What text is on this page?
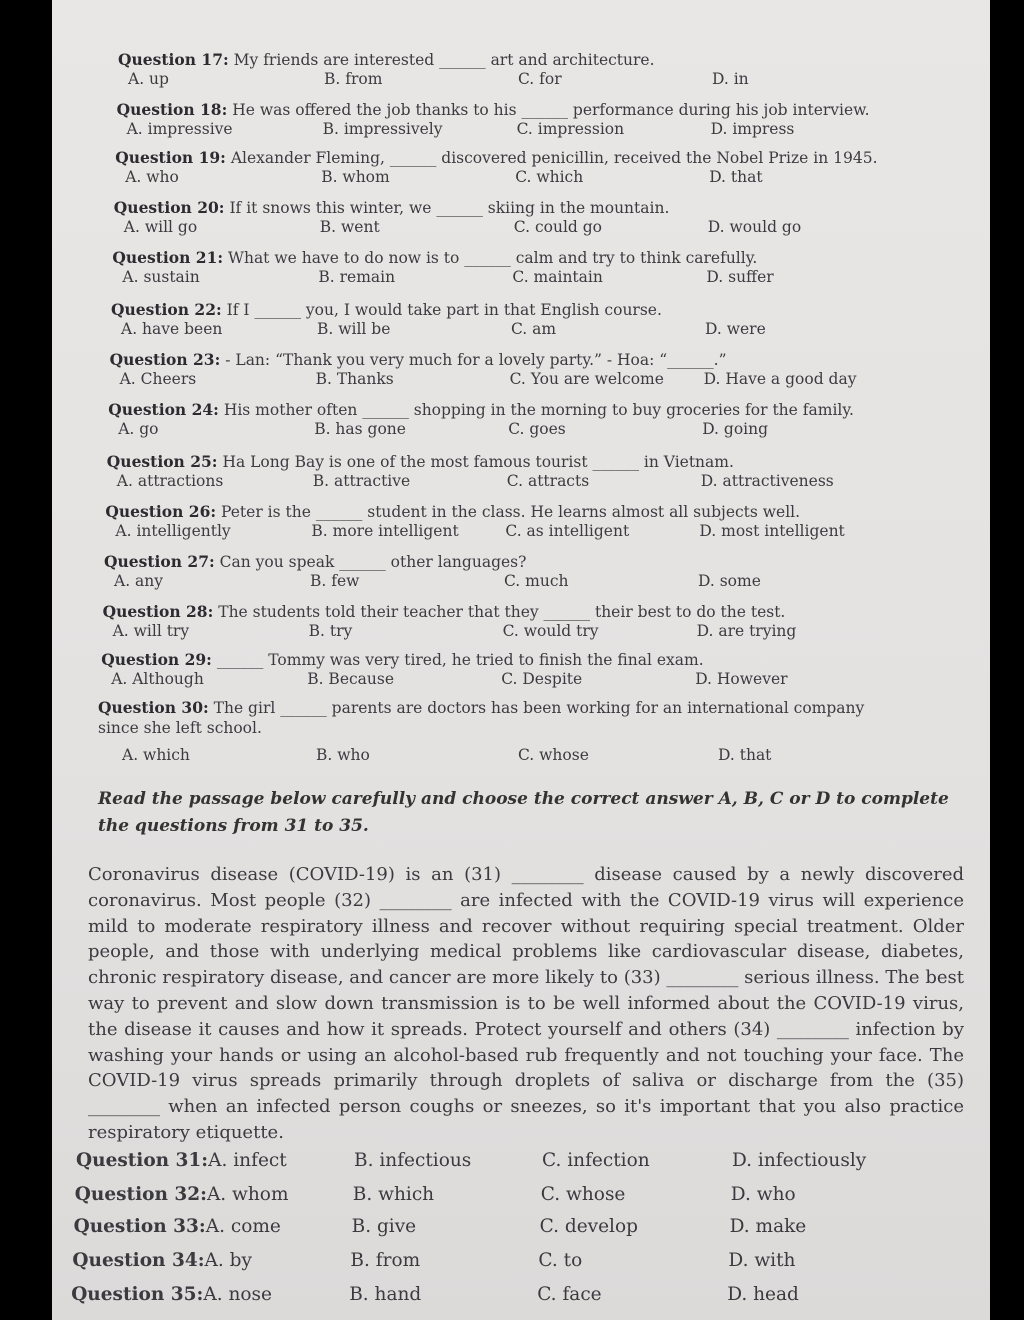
Question 17: My friends are interested ______ art and architecture.
A. up	B. from	C. for	D. in
Question 18: He was offered the job thanks to his ______ performance during his job interview.
A. impressive	B. impressively	C. impression	D. impress
Question 19: Alexander Fleming, ______ discovered penicillin, received the Nobel Prize in 1945.
A. who	B. whom	C. which	D. that
Question 20: If it snows this winter, we ______ skiing in the mountain.
A. will go	B. went	C. could go	D. would go
Question 21: What we have to do now is to ______ calm and try to think carefully.
A. sustain	B. remain	C. maintain	D. suffer
Question 22: If I ______ you, I would take part in that English course.
A. have been	B. will be	C. am	D. were
Question 23: - Lan: “Thank you very much for a lovely party.” - Hoa: “______.”
A. Cheers	B. Thanks	C. You are welcome	D. Have a good day
Question 24: His mother often ______ shopping in the morning to buy groceries for the family.
A. go	B. has gone	C. goes	D. going
Question 25: Ha Long Bay is one of the most famous tourist ______ in Vietnam.
A. attractions	B. attractive	C. attracts	D. attractiveness
Question 26: Peter is the ______ student in the class. He learns almost all subjects well.
A. intelligently	B. more intelligent	C. as intelligent	D. most intelligent
Question 27: Can you speak ______ other languages?
A. any	B. few	C. much	D. some
Question 28: The students told their teacher that they ______ their best to do the test.
A. will try	B. try	C. would try	D. are trying
Question 29: ______ Tommy was very tired, he tried to finish the final exam.
A. Although	B. Because	C. Despite	D. However
Question 30: The girl ______ parents are doctors has been working for an international company
since she left school.
A. which	B. who	C. whose	D. that
Read the passage below carefully and choose the correct answer A, B, C or D to complete the questions from 31 to 35.
Coronavirus disease (COVID-19) is an (31) ________ disease caused by a newly discovered coronavirus. Most people (32) ________ are infected with the COVID-19 virus will experience mild to moderate respiratory illness and recover without requiring special treatment. Older people, and those with underlying medical problems like cardiovascular disease, diabetes, chronic respiratory disease, and cancer are more likely to (33) ________ serious illness. The best way to prevent and slow down transmission is to be well informed about the COVID-19 virus, the disease it causes and how it spreads. Protect yourself and others (34) ________ infection by washing your hands or using an alcohol-based rub frequently and not touching your face. The COVID-19 virus spreads primarily through droplets of saliva or discharge from the (35) ________ when an infected person coughs or sneezes, so it's important that you also practice respiratory etiquette.
Question 31: A. infect	B. infectious	C. infection	D. infectiously
Question 32: A. whom	B. which	C. whose	D. who
Question 33: A. come	B. give	C. develop	D. make
Question 34: A. by	B. from	C. to	D. with
Question 35: A. nose	B. hand	C. face	D. head
